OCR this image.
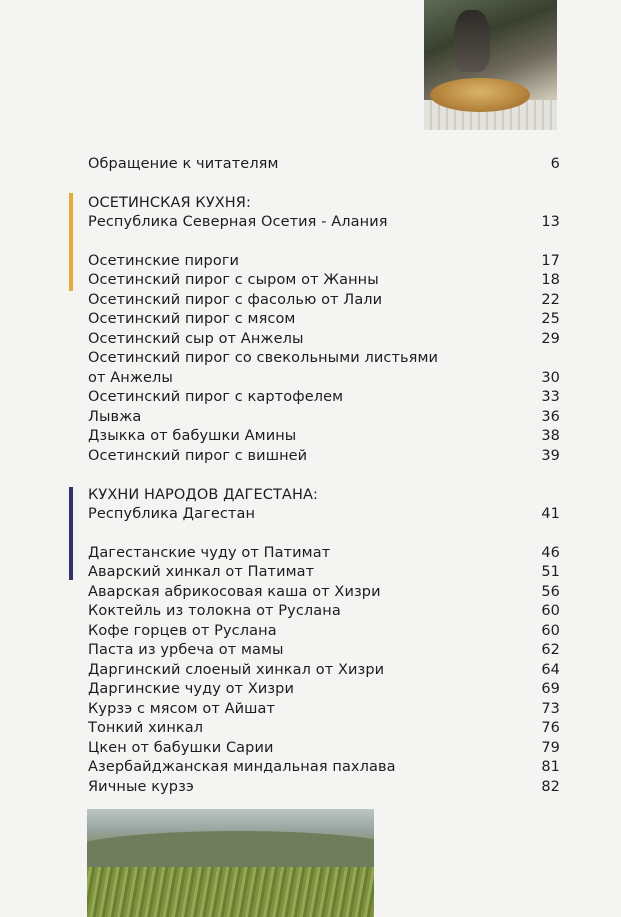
Обращение к читателям	6
ОСЕТИНСКАЯ КУХНЯ:
Республика Северная Осетия - Алания	13
Осетинские пироги	17
Осетинский пирог с сыром от Жанны	18
Осетинский пирог с фасолью от Лали	22
Осетинский пирог с мясом	25
Осетинский сыр от Анжелы	29
Осетинский пирог со свекольными листьями
от Анжелы	30
Осетинский пирог с картофелем	33
Лывжа	36
Дзыкка от бабушки Амины	38
Осетинский пирог с вишней	39
КУХНИ НАРОДОВ ДАГЕСТАНА:
Республика Дагестан	41
Дагестанские чуду от Патимат	46
Аварский хинкал от Патимат	51
Аварская абрикосовая каша от Хизри	56
Коктейль из толокна от Руслана	60
Кофе горцев от Руслана	60
Паста из урбеча от мамы	62
Даргинский слоеный хинкал от Хизри	64
Даргинские чуду от Хизри	69
Курзэ с мясом от Айшат	73
Тонкий хинкал	76
Цкен от бабушки Сарии	79
Азербайджанская миндальная пахлава	81
Яичные курзэ	82
